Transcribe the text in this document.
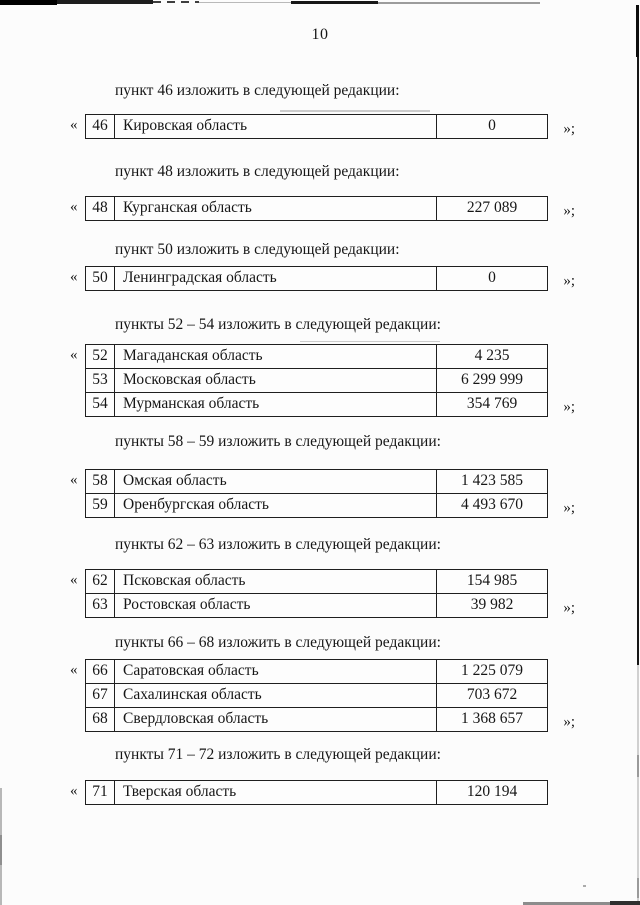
10
пункт 46 изложить в следующей редакции:
46 Кировская область	0
«	»;
пункт 48 изложить в следующей редакции:
48 Курганская область	227 089
«	»;
пункт 50 изложить в следующей редакции:
50 Ленинградская область	0
«	»;
пункты 52 – 54 изложить в следующей редакции:
52 Магаданская область	4 235
53 Московская область	6 299 999
54 Мурманская область	354 769
«
»;
пункты 58 – 59 изложить в следующей редакции:
58 Омская область	1 423 585
59 Оренбургская область	4 493 670
«
»;
пункты 62 – 63 изложить в следующей редакции:
62 Псковская область	154 985
63 Ростовская область	39 982
«
»;
пункты 66 – 68 изложить в следующей редакции:
66 Саратовская область	1 225 079
67 Сахалинская область	703 672
68 Свердловская область	1 368 657
«
»;
пункты 71 – 72 изложить в следующей редакции:
71 Тверская область	120 194
«
